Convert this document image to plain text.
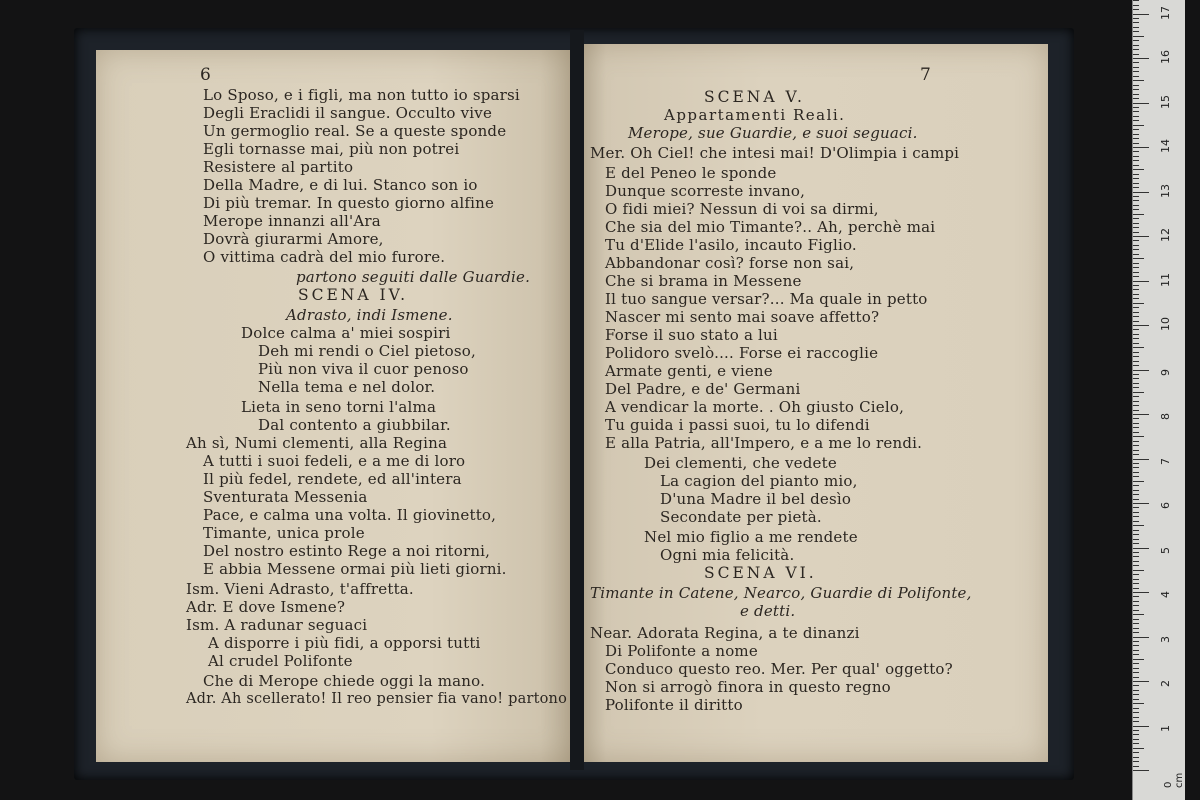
6
Lo Sposo, e i figli, ma non tutto io sparsi
Degli Eraclidi il sangue. Occulto vive
Un germoglio real. Se a queste sponde
Egli tornasse mai, più non potrei
Resistere al partito
Della Madre, e di lui. Stanco son io
Di più tremar. In questo giorno alfine
Merope innanzi all'Ara
Dovrà giurarmi Amore,
O vittima cadrà del mio furore.
partono seguiti dalle Guardie.
SCENA IV.
Adrasto, indi Ismene.
Dolce calma a' miei sospiri
Deh mi rendi o Ciel pietoso,
Più non viva il cuor penoso
Nella tema e nel dolor.
Lieta in seno torni l'alma
Dal contento a giubbilar.
Ah sì, Numi clementi, alla Regina
A tutti i suoi fedeli, e a me di loro
Il più fedel, rendete, ed all'intera
Sventurata Messenia
Pace, e calma una volta. Il giovinetto,
Timante, unica prole
Del nostro estinto Rege a noi ritorni,
E abbia Messene ormai più lieti giorni.
Ism. Vieni Adrasto, t'affretta.
Adr. E dove Ismene?
Ism. A radunar seguaci
A disporre i più fidi, a opporsi tutti
Al crudel Polifonte
Che di Merope chiede oggi la mano.
Adr. Ah scellerato! Il reo pensier fia vano! partono
7
SCENA V.
Appartamenti Reali.
Merope, sue Guardie, e suoi seguaci.
Mer. Oh Ciel! che intesi mai! D'Olimpia i campi
E del Peneo le sponde
Dunque scorreste invano,
O fidi miei? Nessun di voi sa dirmi,
Che sia del mio Timante?.. Ah, perchè mai
Tu d'Elide l'asilo, incauto Figlio.
Abbandonar così? forse non sai,
Che si brama in Messene
Il tuo sangue versar?... Ma quale in petto
Nascer mi sento mai soave affetto?
Forse il suo stato a lui
Polidoro svelò.... Forse ei raccoglie
Armate genti, e viene
Del Padre, e de' Germani
A vendicar la morte. . Oh giusto Cielo,
Tu guida i passi suoi, tu lo difendi
E alla Patria, all'Impero, e a me lo rendi.
Dei clementi, che vedete
La cagion del pianto mio,
D'una Madre il bel desìo
Secondate per pietà.
Nel mio figlio a me rendete
Ogni mia felicità.
SCENA VI.
Timante in Catene, Nearco, Guardie di Polifonte,
e detti.
Near. Adorata Regina, a te dinanzi
Di Polifonte a nome
Conduco questo reo. Mer. Per qual' oggetto?
Non si arrogò finora in questo regno
Polifonte il diritto
0 cm
1
2
3
4
5
6
7
8
9
10
11
12
13
14
15
16
17
